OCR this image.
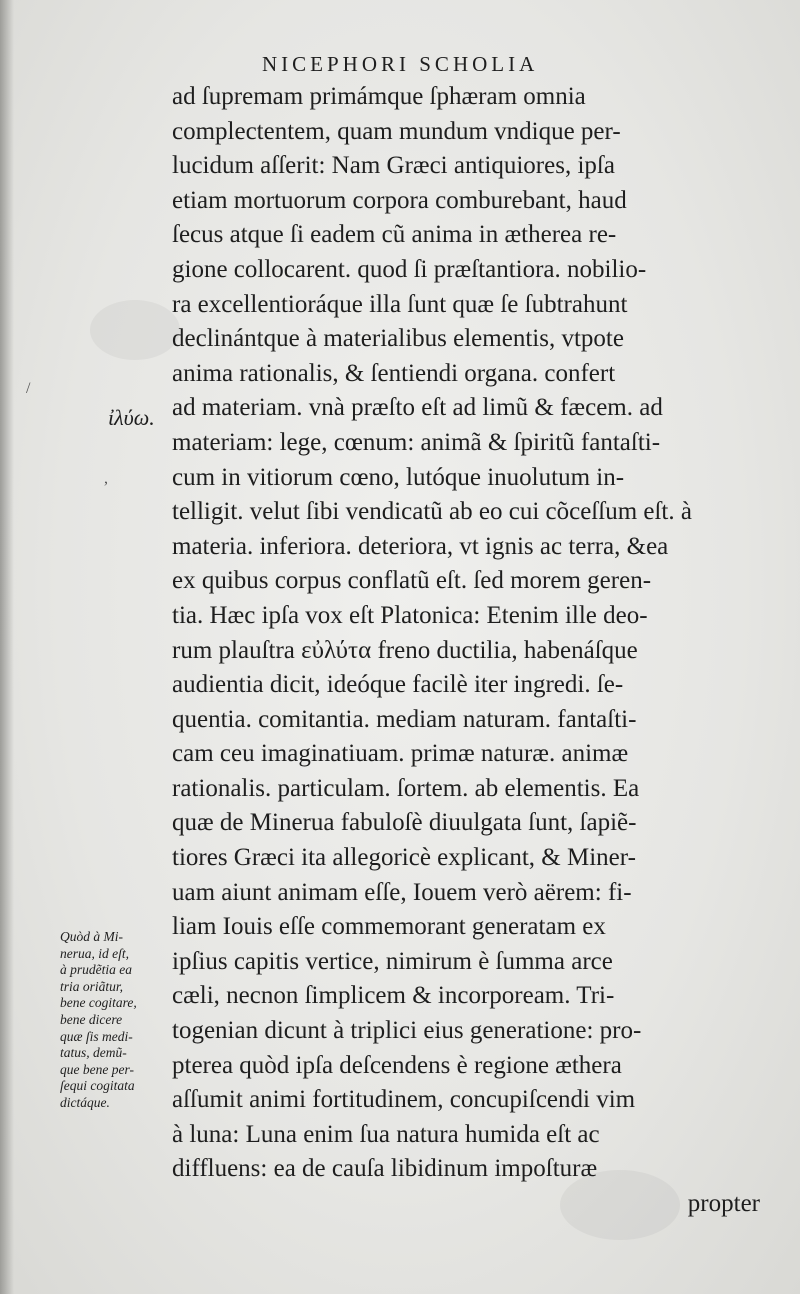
NICEPHORI SCHOLIA
ad ſupremam primámque ſphæram omnia
complectentem, quam mundum vndique per-
lucidum aſſerit: Nam Græci antiquiores, ipſa
etiam mortuorum corpora comburebant, haud
ſecus atque ſi eadem cũ anima in ætherea re-
gione collocarent. quod ſi præſtantiora. nobilio-
ra excellentioráque illa ſunt quæ ſe ſubtrahunt
declinántque à materialibus elementis, vtpote
anima rationalis, & ſentiendi organa. confert
ad materiam. vnà præſto eſt ad limũ & fæcem. ad
materiam: lege, cœnum: animã & ſpiritũ fantaſti-
cum in vitiorum cœno, lutóque inuolutum in-
telligit. velut ſibi vendicatũ ab eo cui cõceſſum eſt. à
materia. inferiora. deteriora, vt ignis ac terra, &ea
ex quibus corpus conflatũ eſt. ſed morem geren-
tia. Hæc ipſa vox eſt Platonica: Etenim ille deo-
rum plauſtra εὐλύτα freno ductilia, habenáſque
audientia dicit, ideóque facilè iter ingredi. ſe-
quentia. comitantia. mediam naturam. fantaſti-
cam ceu imaginatiuam. primæ naturæ. animæ
rationalis. particulam. ſortem. ab elementis. Ea
quæ de Minerua fabuloſè diuulgata ſunt, ſapiẽ-
tiores Græci ita allegoricè explicant, & Miner-
uam aiunt animam eſſe, Iouem verò aërem: fi-
liam Iouis eſſe commemorant generatam ex
ipſius capitis vertice, nimirum è ſumma arce
cæli, necnon ſimplicem & incorpoream. Tri-
togenian dicunt à triplici eius generatione: pro-
pterea quòd ipſa deſcendens è regione æthera
aſſumit animi fortitudinem, concupiſcendi vim
à luna: Luna enim ſua natura humida eſt ac
diffluens: ea de cauſa libidinum impoſturæ
propter
ἰλύω.
/
,
Quòd à Mi-
nerua, id eſt,
à prudẽtia ea
tria oriãtur,
bene cogitare,
bene dicere
quæ ſis medi-
tatus, demũ-
que bene per-
ſequi cogitata
dictáque.
